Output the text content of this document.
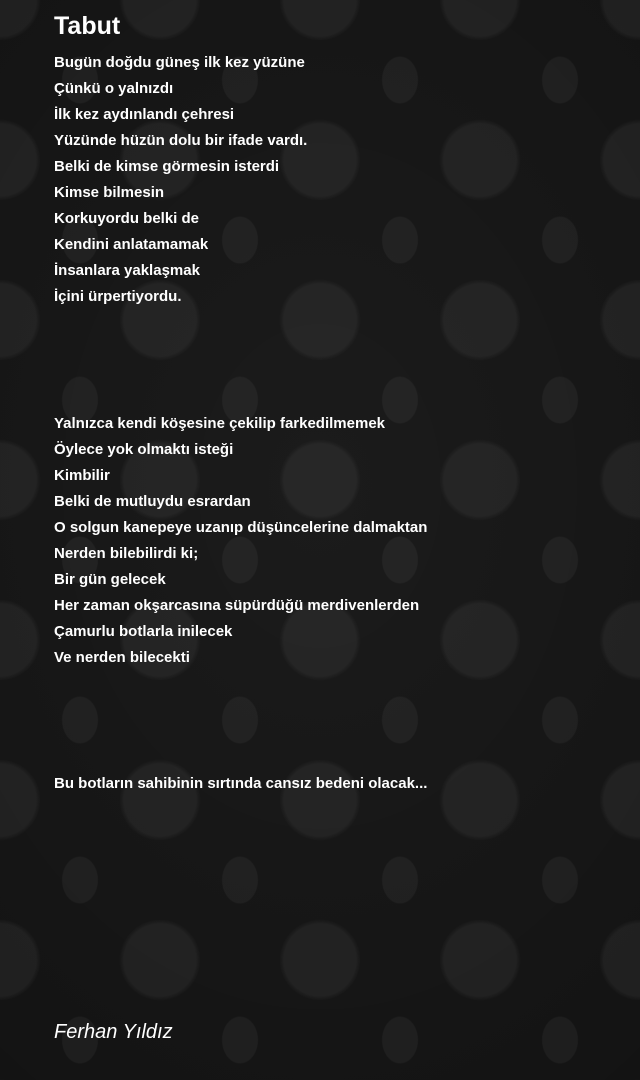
Tabut
Bugün doğdu güneş ilk kez yüzüne
Çünkü o yalnızdı
İlk kez aydınlandı çehresi
Yüzünde hüzün dolu bir ifade vardı.
Belki de kimse görmesin isterdi
Kimse bilmesin
Korkuyordu belki de
Kendini anlatamamak
İnsanlara yaklaşmak
İçini ürpertiyordu.
Yalnızca kendi köşesine çekilip farkedilmemek
Öylece yok olmaktı isteği
Kimbilir
Belki de mutluydu esrardan
O solgun kanepeye uzanıp düşüncelerine dalmaktan
Nerden bilebilirdi ki;
Bir gün gelecek
Her zaman okşarcasına süpürdüğü merdivenlerden
Çamurlu botlarla inilecek
Ve nerden bilecekti
Bu botların sahibinin sırtında cansız bedeni olacak...
Ferhan Yıldız
